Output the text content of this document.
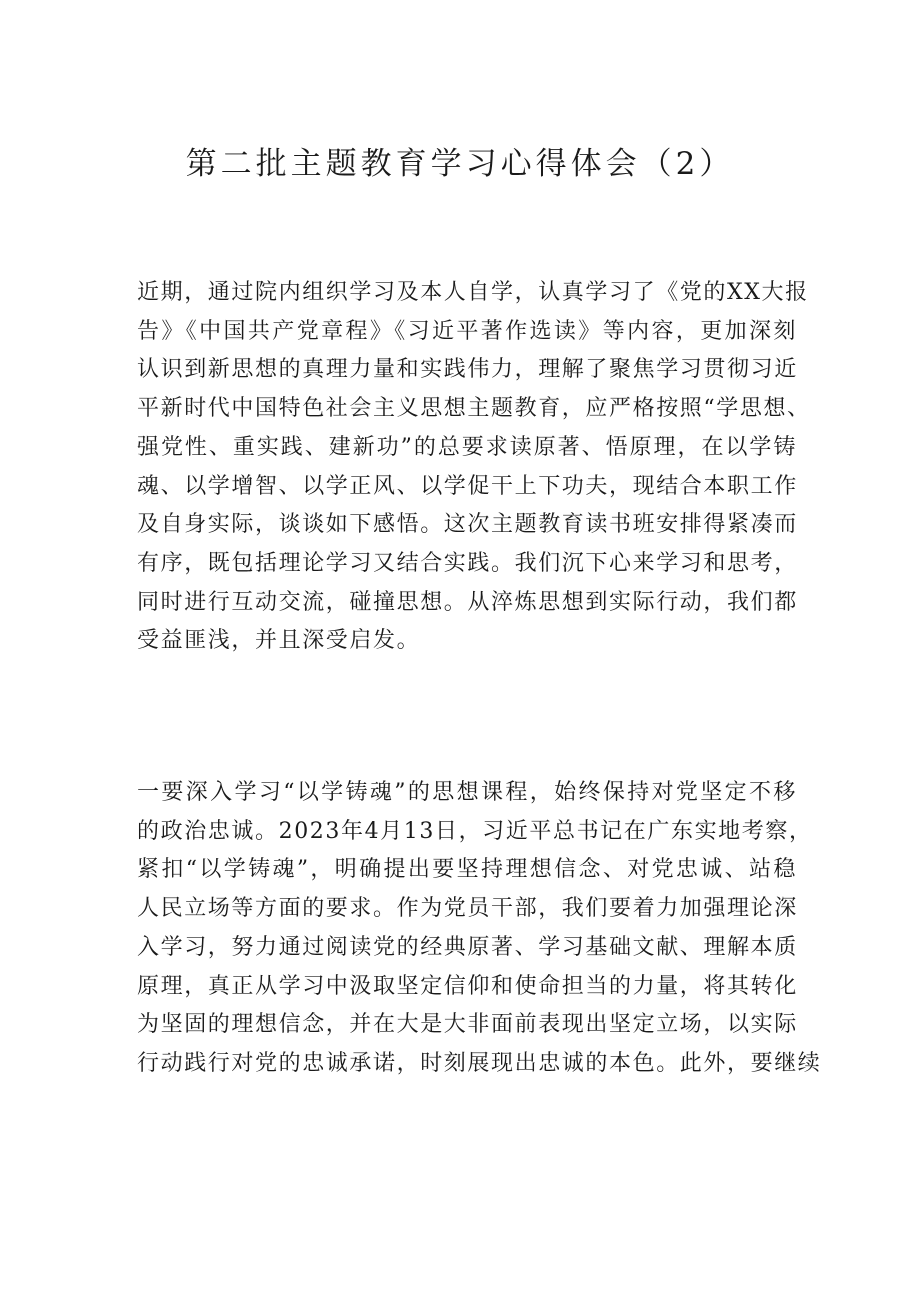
第二批主题教育学习心得体会（2）
近期，通过院内组织学习及本人自学，认真学习了《党的XX大报
告》《中国共产党章程》《习近平著作选读》等内容，更加深刻
认识到新思想的真理力量和实践伟力，理解了聚焦学习贯彻习近
平新时代中国特色社会主义思想主题教育，应严格按照“学思想、
强党性、重实践、建新功”的总要求读原著、悟原理，在以学铸
魂、以学增智、以学正风、以学促干上下功夫，现结合本职工作
及自身实际，谈谈如下感悟。这次主题教育读书班安排得紧凑而
有序，既包括理论学习又结合实践。我们沉下心来学习和思考，
同时进行互动交流，碰撞思想。从淬炼思想到实际行动，我们都
受益匪浅，并且深受启发。
一要深入学习“以学铸魂”的思想课程，始终保持对党坚定不移
的政治忠诚。2023年4月13日，习近平总书记在广东实地考察，
紧扣“以学铸魂”，明确提出要坚持理想信念、对党忠诚、站稳
人民立场等方面的要求。作为党员干部，我们要着力加强理论深
入学习，努力通过阅读党的经典原著、学习基础文献、理解本质
原理，真正从学习中汲取坚定信仰和使命担当的力量，将其转化
为坚固的理想信念，并在大是大非面前表现出坚定立场，以实际
行动践行对党的忠诚承诺，时刻展现出忠诚的本色。此外，要继续
